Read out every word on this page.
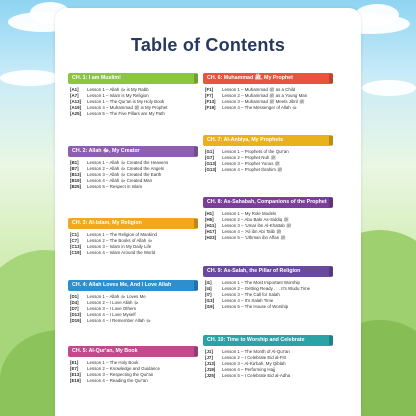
Table of Contents
CH. 1: I am Muslim!
[A1]	Lesson 1 – Allah ﷻ is My Rabb
[A7]	Lesson 1 – Islam is My Religion
[A13]	Lesson 1 – The Qur'an is My Holy Book
[A19]	Lesson 4 – Muhammad ﷺ is My Prophet
[A25]	Lesson 5 – The Five Pillars are My Path
CH. 2: Allah ﷻ, My Creator
[B1]	Lesson 1 – Allah ﷻ Created the Heavens
[B7]	Lesson 2 – Allah ﷻ Created the Angels
[B13]	Lesson 3 – Allah ﷻ Created the Earth
[B19]	Lesson 4 – Allah ﷻ Created Man
[B25]	Lesson 5 – Respect in Islam
CH. 3: Al-Islam, My Religion
[C1]	Lesson 1 – The Religion of Mankind
[C7]	Lesson 2 – The Books of Allah ﷻ
[C13]	Lesson 3 – Islam in My Daily Life
[C19]	Lesson 4 – Islam Around the World
CH. 4: Allah Loves Me, And I Love Allah
[D1]	Lesson 1 – Allah ﷻ Loves Me
[D4]	Lesson 2 – I Love Allah ﷻ
[D7]	Lesson 3 – I Love Others
[D13]	Lesson 4 – I Love Myself
[D19]	Lesson 4 – I Remember Allah ﷻ
CH. 5: Al-Qur'an, My Book
[E1]	Lesson 1 – The Holy Book
[E7]	Lesson 2 – Knowledge and Guidance
[E13]	Lesson 3 – Respecting the Qur'an
[E19]	Lesson 4 – Reading the Qur'an
CH. 6: Muhammad ﷺ, My Prophet
[F1]	Lesson 1 – Muhammad ﷺ as a Child
[F7]	Lesson 2 – Muhammad ﷺ as a Young Man
[F13]	Lesson 3 – Muhammad ﷺ Meets Jibril ﷺ
[F19]	Lesson 4 – The Messenger of Allah ﷻ
CH. 7: Al-Anbiya, My Prophets
[G1]	Lesson 1 – Prophets of the Qur'an
[G7]	Lesson 2 – Prophet Nuh ﷺ
[G13]	Lesson 3 – Prophet Yunus ﷺ
[G13]	Lesson 4 – Prophet Ibrahim ﷺ
CH. 8: As-Sahabah, Companions of the Prophet
[H1]	Lesson 1 – My Role Models
[H5]	Lesson 2 – Abu Bakr As-Siddiq ﷺ
[H11]	Lesson 3 – 'Umar ibn Al-Khattab ﷺ
[H17]	Lesson 4 – 'Ali ibn Abi Talib ﷺ
[H23]	Lesson 5 – 'Uthman ibn Affan ﷺ
CH. 9: As-Salah, the Pillar of Religion
[I1]	Lesson 1 – The Most Important Worship
[I4]	Lesson 2 – Getting Ready . . . It's Wudu Time
[I7]	Lesson 3 – The Call for Salah
[I13]	Lesson 4 – It's Salah Time
[I19]	Lesson 5 – The House of Worship
CH. 10: Time to Worship and Celebrate
[J1]	Lesson 1 – The Month of Al-Qur'an
[J7]	Lesson 2 – I Celebrate Eid al-Fitr
[J13]	Lesson 3 – Al-Ka'bah, My Qiblah
[J19]	Lesson 4 – Performing Hajj
[J25]	Lesson 5 – I Celebrate Eid al-Adha
